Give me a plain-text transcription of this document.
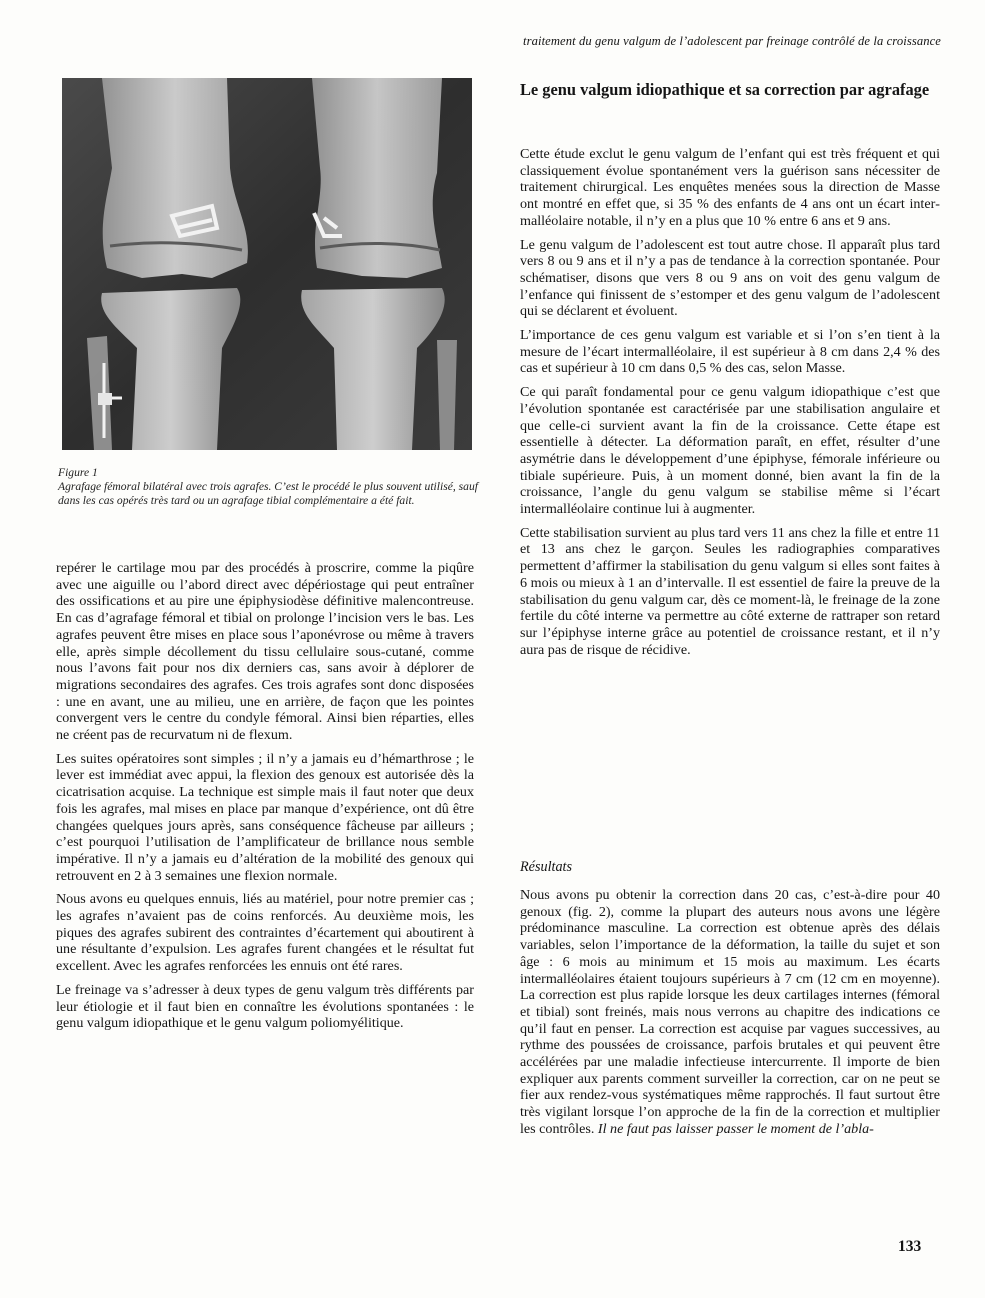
traitement du genu valgum de l’adolescent par freinage contrôlé de la croissance

Figure 1

Agrafage fémoral bilatéral avec trois agrafes. C’est le procédé le plus souvent utilisé, sauf dans les cas opérés très tard ou un agrafage tibial complémentaire a été fait.

repérer le cartilage mou par des procédés à proscrire, comme la piqûre avec une aiguille ou l’abord direct avec dépériostage qui peut entraîner des ossifications et au pire une épiphysiodèse définitive malencontreuse. En cas d’agrafage fémoral et tibial on prolonge l’incision vers le bas. Les agrafes peuvent être mises en place sous l’aponévrose ou même à travers elle, après simple décollement du tissu cellulaire sous-cutané, comme nous l’avons fait pour nos dix derniers cas, sans avoir à déplorer de migrations secondaires des agrafes. Ces trois agrafes sont donc disposées : une en avant, une au milieu, une en arrière, de façon que les pointes convergent vers le centre du condyle fémoral. Ainsi bien réparties, elles ne créent pas de recurvatum ni de flexum.

Les suites opératoires sont simples ; il n’y a jamais eu d’hémarthrose ; le lever est immédiat avec appui, la flexion des genoux est autorisée dès la cicatrisation acquise. La technique est simple mais il faut noter que deux fois les agrafes, mal mises en place par manque d’expérience, ont dû être changées quelques jours après, sans conséquence fâcheuse par ailleurs ; c’est pourquoi l’utilisation de l’amplificateur de brillance nous semble impérative. Il n’y a jamais eu d’altération de la mobilité des genoux qui retrouvent en 2 à 3 semaines une flexion normale.

Nous avons eu quelques ennuis, liés au matériel, pour notre premier cas ; les agrafes n’avaient pas de coins renforcés. Au deuxième mois, les piques des agrafes subirent des contraintes d’écartement qui aboutirent à une résultante d’expulsion. Les agrafes furent changées et le résultat fut excellent. Avec les agrafes renforcées les ennuis ont été rares.

Le freinage va s’adresser à deux types de genu valgum très différents par leur étiologie et il faut bien en connaître les évolutions spontanées : le genu valgum idiopathique et le genu valgum poliomyélitique.

Le genu valgum idiopathique et sa correction par agrafage

Cette étude exclut le genu valgum de l’enfant qui est très fréquent et qui classiquement évolue spontanément vers la guérison sans nécessiter de traitement chirurgical. Les enquêtes menées sous la direction de Masse ont montré en effet que, si 35 % des enfants de 4 ans ont un écart intermalléolaire notable, il n’y en a plus que 10 % entre 6 ans et 9 ans.

Le genu valgum de l’adolescent est tout autre chose. Il apparaît plus tard vers 8 ou 9 ans et il n’y a pas de tendance à la correction spontanée. Pour schématiser, disons que vers 8 ou 9 ans on voit des genu valgum de l’enfance qui finissent de s’estomper et des genu valgum de l’adolescent qui se déclarent et évoluent.

L’importance de ces genu valgum est variable et si l’on s’en tient à la mesure de l’écart intermalléolaire, il est supérieur à 8 cm dans 2,4 % des cas et supérieur à 10 cm dans 0,5 % des cas, selon Masse.

Ce qui paraît fondamental pour ce genu valgum idiopathique c’est que l’évolution spontanée est caractérisée par une stabilisation angulaire et que celle-ci survient avant la fin de la croissance. Cette étape est essentielle à détecter. La déformation paraît, en effet, résulter d’une asymétrie dans le développement d’une épiphyse, fémorale inférieure ou tibiale supérieure. Puis, à un moment donné, bien avant la fin de la croissance, l’angle du genu valgum se stabilise même si l’écart intermalléolaire continue lui à augmenter.

Cette stabilisation survient au plus tard vers 11 ans chez la fille et entre 11 et 13 ans chez le garçon. Seules les radiographies comparatives permettent d’affirmer la stabilisation du genu valgum si elles sont faites à 6 mois ou mieux à 1 an d’intervalle. Il est essentiel de faire la preuve de la stabilisation du genu valgum car, dès ce moment-là, le freinage de la zone fertile du côté interne va permettre au côté externe de rattraper son retard sur l’épiphyse interne grâce au potentiel de croissance restant, et il n’y aura pas de risque de récidive.

Résultats

Nous avons pu obtenir la correction dans 20 cas, c’est-à-dire pour 40 genoux (fig. 2), comme la plupart des auteurs nous avons une légère prédominance masculine. La correction est obtenue après des délais variables, selon l’importance de la déformation, la taille du sujet et son âge : 6 mois au minimum et 15 mois au maximum. Les écarts intermalléolaires étaient toujours supérieurs à 7 cm (12 cm en moyenne). La correction est plus rapide lorsque les deux cartilages internes (fémoral et tibial) sont freinés, mais nous verrons au chapitre des indications ce qu’il faut en penser. La correction est acquise par vagues successives, au rythme des poussées de croissance, parfois brutales et qui peuvent être accélérées par une maladie infectieuse intercurrente. Il importe de bien expliquer aux parents comment surveiller la correction, car on ne peut se fier aux rendez-vous systématiques même rapprochés. Il faut surtout être très vigilant lorsque l’on approche de la fin de la correction et multiplier les contrôles. Il ne faut pas laisser passer le moment de l’abla-

133
